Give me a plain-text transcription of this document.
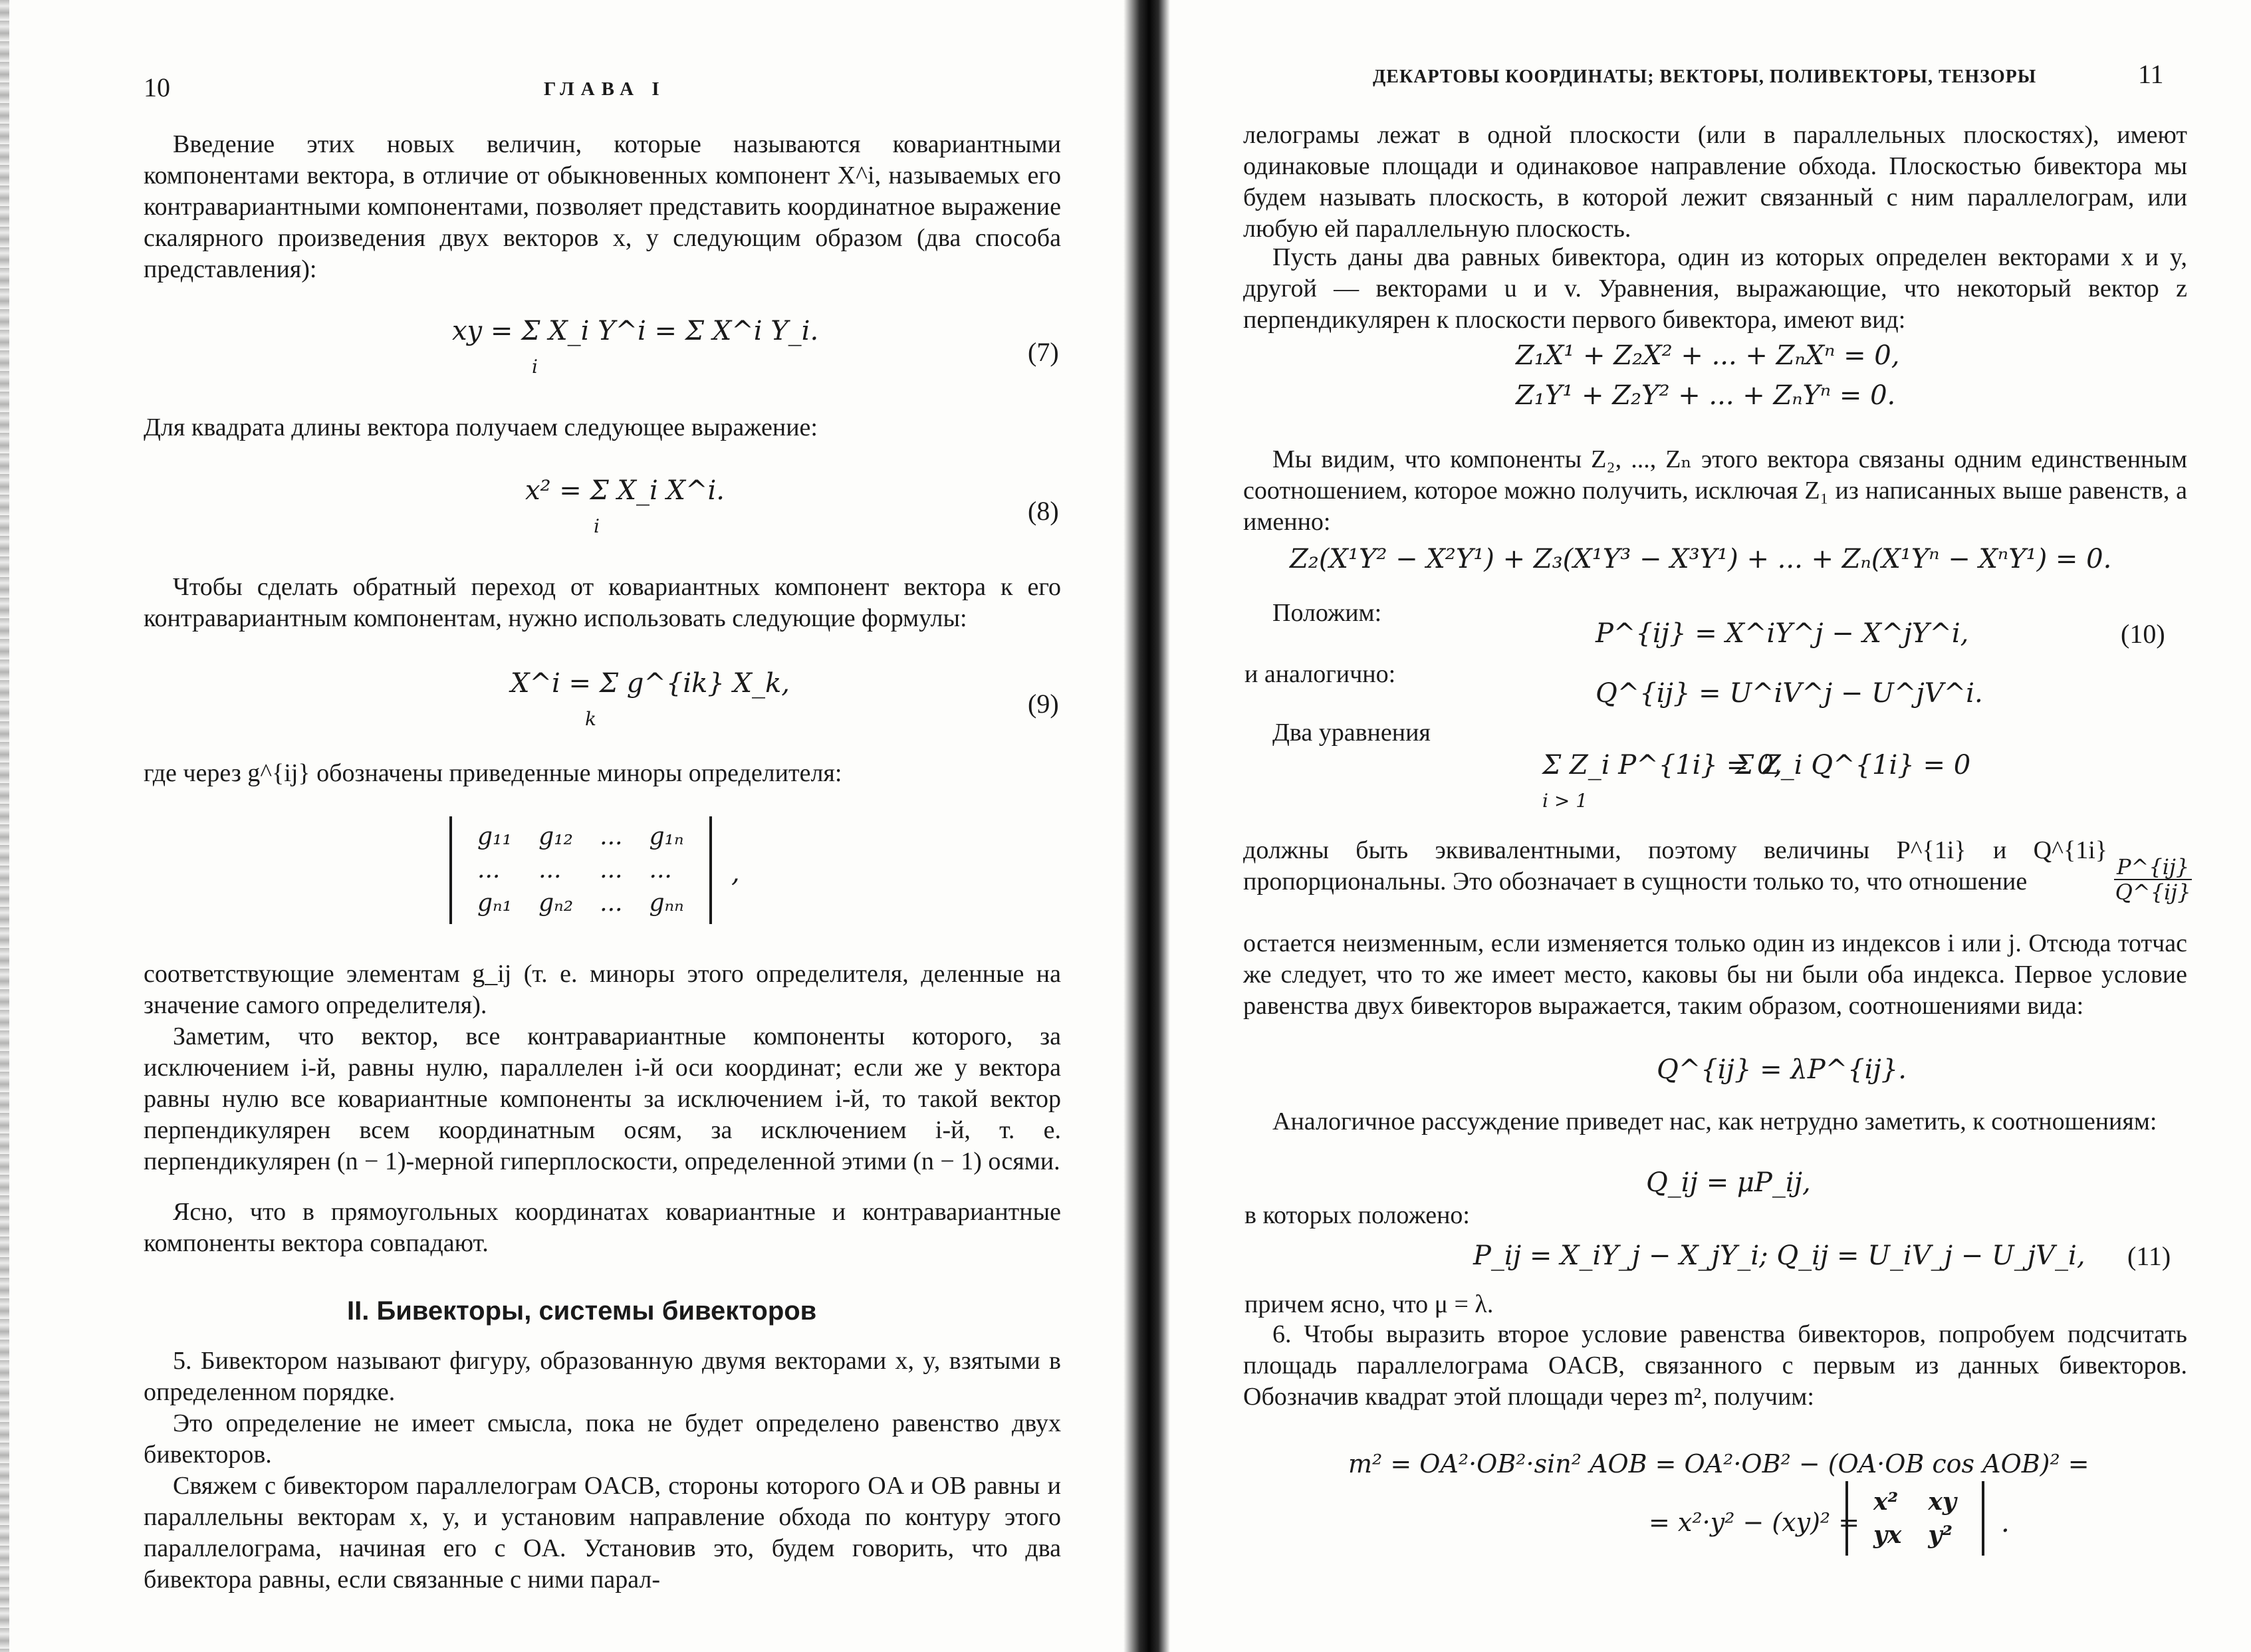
10	ГЛАВА I
Введение этих новых величин, которые называются ковариантными компонентами вектора, в отличие от обыкновенных компонент X^i, называемых его контравариантными компонентами, позволяет представить координатное выражение скалярного произведения двух векторов x, y следующим образом (два способа представления):
xy = Σ X_i Y^i = Σ X^i Y_i.
i	(7)
Для квадрата длины вектора получаем следующее выражение:
x² = Σ X_i X^i.
i
(8)
Чтобы сделать обратный переход от ковариантных компонент вектора к его контравариантным компонентам, нужно использовать следующие формулы:
X^i = Σ g^{ik} X_k,
k
(9)
где через g^{ij} обозначены приведенные миноры определителя:
g₁₁	g₁₂	...	g₁ₙ
...	...	...	...
gₙ₁	gₙ₂	...	gₙₙ
,
соответствующие элементам g_ij (т. е. миноры этого определителя, деленные на значение самого определителя).
Заметим, что вектор, все контравариантные компоненты которого, за исключением i-й, равны нулю, параллелен i-й оси координат; если же у вектора равны нулю все ковариантные компоненты за исключением i-й, то такой вектор перпендикулярен всем координатным осям, за исключением i-й, т. е. перпендикулярен (n − 1)-мерной гиперплоскости, определенной этими (n − 1) осями.
Ясно, что в прямоугольных координатах ковариантные и контравариантные компоненты вектора совпадают.
II. Бивекторы, системы бивекторов
5. Бивектором называют фигуру, образованную двумя векторами x, y, взятыми в определенном порядке.
Это определение не имеет смысла, пока не будет определено равенство двух бивекторов.
Свяжем с бивектором параллелограм OACB, стороны которого OA и OB равны и параллельны векторам x, y, и установим направление обхода по контуру этого параллелограма, начиная его с OA. Установив это, будем говорить, что два бивектора равны, если связанные с ними парал-
ДЕКАРТОВЫ КООРДИНАТЫ; ВЕКТОРЫ, ПОЛИВЕКТОРЫ, ТЕНЗОРЫ	11
лелограмы лежат в одной плоскости (или в параллельных плоскостях), имеют одинаковые площади и одинаковое направление обхода. Плоскостью бивектора мы будем называть плоскость, в которой лежит связанный с ним параллелограм, или любую ей параллельную плоскость.
Пусть даны два равных бивектора, один из которых определен векторами x и y, другой — векторами u и v. Уравнения, выражающие, что некоторый вектор z перпендикулярен к плоскости первого бивектора, имеют вид:
Z₁X¹ + Z₂X² + ... + ZₙXⁿ = 0,
Z₁Y¹ + Z₂Y² + ... + ZₙYⁿ = 0.
Мы видим, что компоненты Z₂, ..., Zₙ этого вектора связаны одним единственным соотношением, которое можно получить, исключая Z₁ из написанных выше равенств, а именно:
Z₂(X¹Y² − X²Y¹) + Z₃(X¹Y³ − X³Y¹) + ... + Zₙ(X¹Yⁿ − XⁿY¹) = 0.
Положим:
P^{ij} = X^iY^j − X^jY^i,	(10)
и аналогично:
Q^{ij} = U^iV^j − U^jV^i.
Два уравнения
Σ Z_i P^{1i} = 0,
Σ Z_i Q^{1i} = 0
i > 1
должны быть эквивалентными, поэтому величины P^{1i} и Q^{1i} пропорциональны. Это обозначает в сущности только то, что отношение	$\frac{P\^{}\{ij\}}{Q\^{}\{ij\}}$
остается неизменным, если изменяется только один из индексов i или j. Отсюда тотчас же следует, что то же имеет место, каковы бы ни были оба индекса. Первое условие равенства двух бивекторов выражается, таким образом, соотношениями вида:
Q^{ij} = λP^{ij}.
Аналогичное рассуждение приведет нас, как нетрудно заметить, к соотношениям:
Q_ij = μP_ij,
в которых положено:
P_ij = X_iY_j − X_jY_i; Q_ij = U_iV_j − U_jV_i, (11)
причем ясно, что μ = λ.
6. Чтобы выразить второе условие равенства бивекторов, попробуем подсчитать площадь параллелограма OACB, связанного с первым из данных бивекторов. Обозначив квадрат этой площади через m², получим:
m² = OA²·OB²·sin² AOB = OA²·OB² − (OA·OB cos AOB)² =
= x²·y² − (xy)² =
x²	xy
yx	y² .
